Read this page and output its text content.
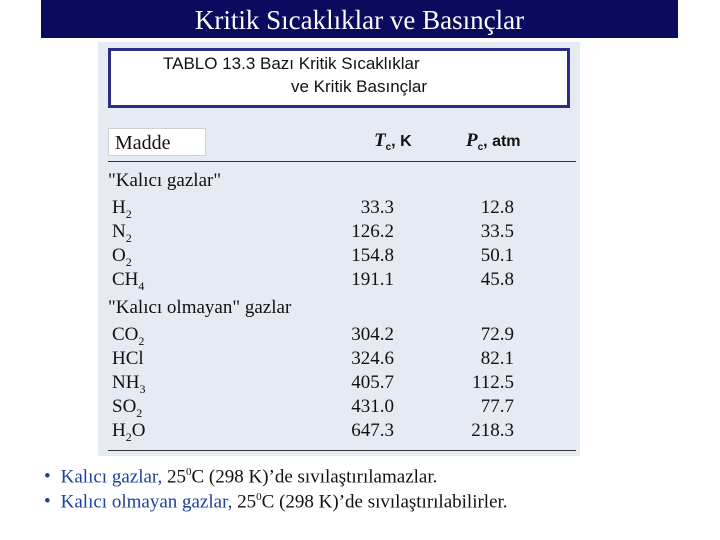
Kritik Sıcaklıklar ve Basınçlar
TABLO 13.3 Bazı Kritik Sıcaklıklar
ve Kritik Basınçlar
Madde	$T_c$, K	$P_c$, atm
"Kalıcı gazlar"
$H_2$	33.3	12.8
$N_2$	126.2	33.5
$O_2$	154.8	50.1
$CH_4$	191.1	45.8
"Kalıcı olmayan" gazlar
$CO_2$	304.2	72.9
HCl	324.6	82.1
$NH_3$	405.7	112.5
$SO_2$	431.0	77.7
$H_2O$	647.3	218.3
• Kalıcı gazlar, $25^0C$ (298 K)’de sıvılaştırılamazlar.
• Kalıcı olmayan gazlar, $25^0C$ (298 K)’de sıvılaştırılabilirler.
